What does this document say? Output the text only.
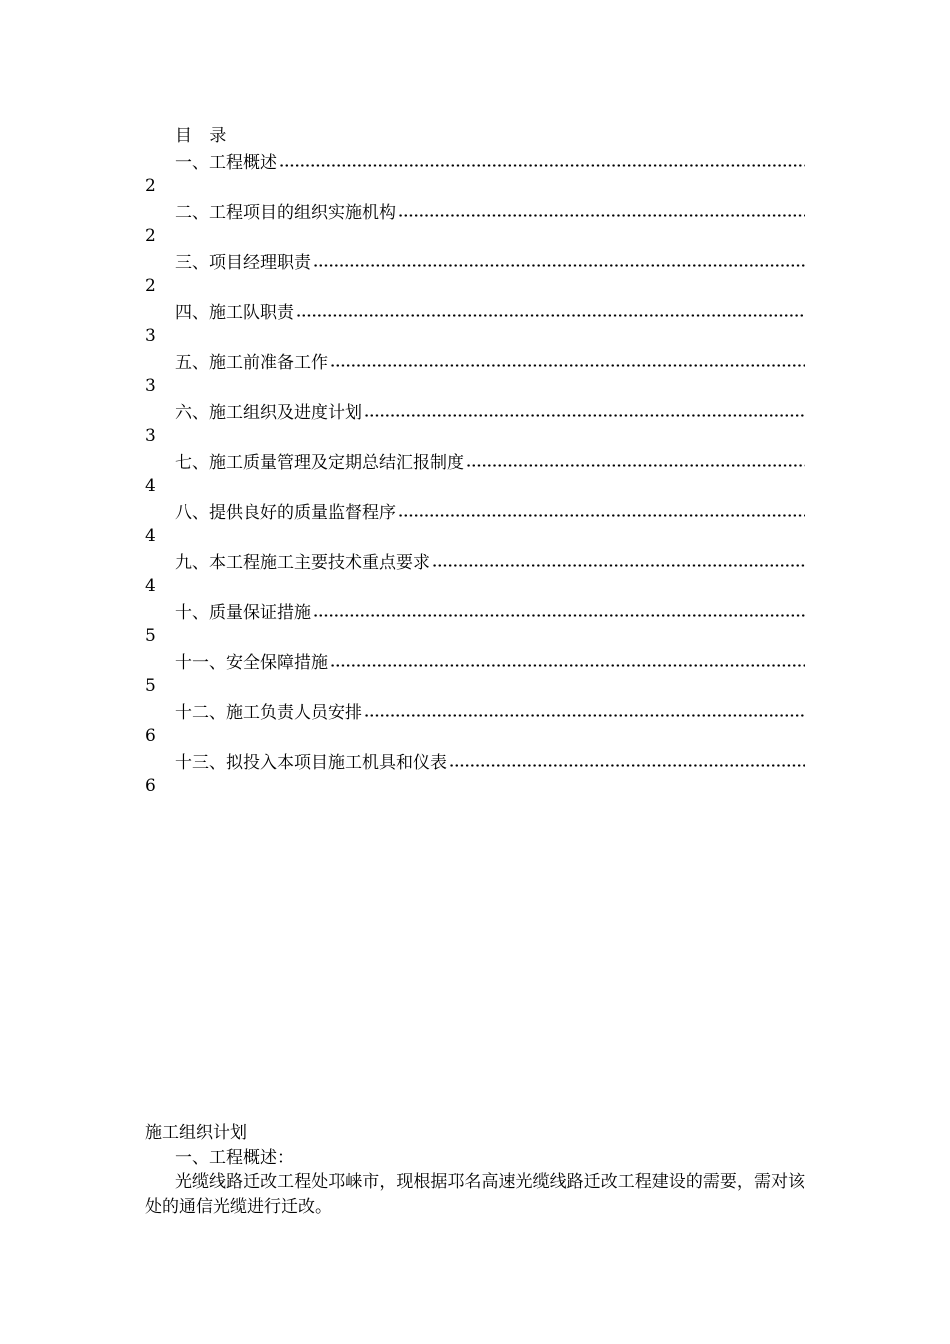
目 录
一、工程概述
2
二、工程项目的组织实施机构
2
三、项目经理职责
2
四、施工队职责
3
五、施工前准备工作
3
六、施工组织及进度计划
3
七、施工质量管理及定期总结汇报制度
4
八、提供良好的质量监督程序
4
九、本工程施工主要技术重点要求
4
十、质量保证措施
5
十一、安全保障措施
5
十二、施工负责人员安排
6
十三、拟投入本项目施工机具和仪表
6
施工组织计划
一、工程概述：
光缆线路迁改工程处邛崃市，现根据邛名高速光缆线路迁改工程建设的需要，需对该处的通信光缆进行迁改。
